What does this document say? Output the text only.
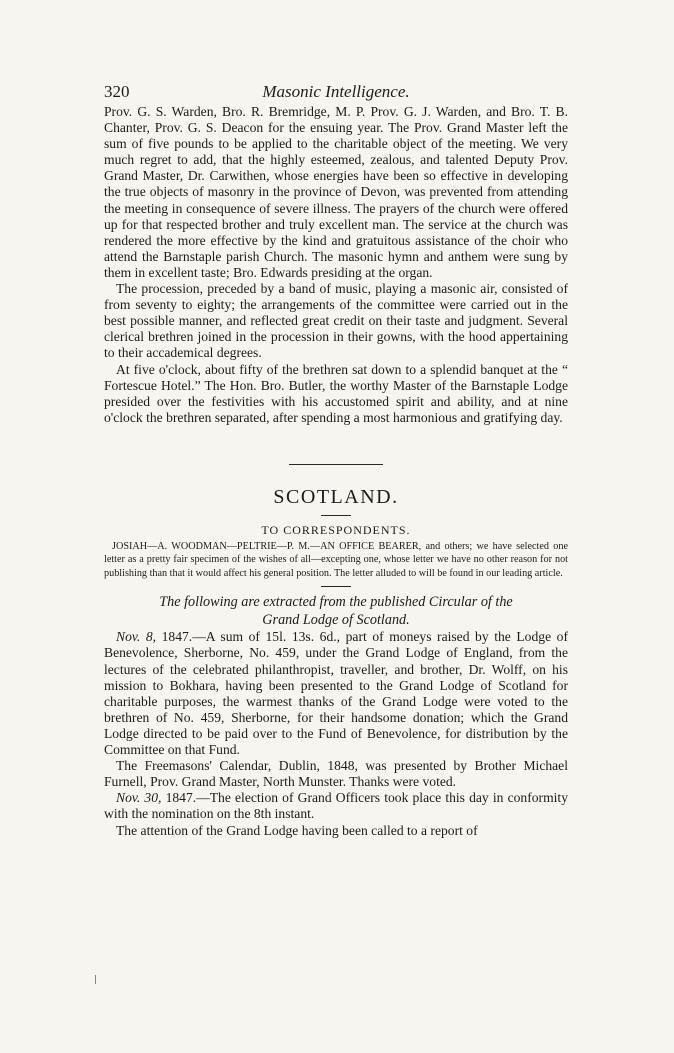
320	Masonic Intelligence.

Prov. G. S. Warden, Bro. R. Bremridge, M. P. Prov. G. J. Warden, and Bro. T. B. Chanter, Prov. G. S. Deacon for the ensuing year. The Prov. Grand Master left the sum of five pounds to be applied to the charitable object of the meeting. We very much regret to add, that the highly esteemed, zealous, and talented Deputy Prov. Grand Master, Dr. Carwithen, whose energies have been so effective in developing the true objects of masonry in the province of Devon, was prevented from attending the meeting in consequence of severe illness. The prayers of the church were offered up for that respected brother and truly excellent man. The service at the church was rendered the more effective by the kind and gratuitous assistance of the choir who attend the Barnstaple parish Church. The masonic hymn and anthem were sung by them in excellent taste; Bro. Edwards presiding at the organ.

The procession, preceded by a band of music, playing a masonic air, consisted of from seventy to eighty; the arrangements of the committee were carried out in the best possible manner, and reflected great credit on their taste and judgment. Several clerical brethren joined in the procession in their gowns, with the hood appertaining to their accademical degrees.

At five o'clock, about fifty of the brethren sat down to a splendid banquet at the “ Fortescue Hotel.” The Hon. Bro. Butler, the worthy Master of the Barnstaple Lodge presided over the festivities with his accustomed spirit and ability, and at nine o'clock the brethren separated, after spending a most harmonious and gratifying day.

SCOTLAND.
TO CORRESPONDENTS.

JOSIAH—A. WOODMAN—PELTRIE—P. M.—AN OFFICE BEARER, and others; we have selected one letter as a pretty fair specimen of the wishes of all—excepting one, whose letter we have no other reason for not publishing than that it would affect his general position. The letter alluded to will be found in our leading article.

The following are extracted from the published Circular of the
Grand Lodge of Scotland.

Nov. 8, 1847.—A sum of 15l. 13s. 6d., part of moneys raised by the Lodge of Benevolence, Sherborne, No. 459, under the Grand Lodge of England, from the lectures of the celebrated philanthropist, traveller, and brother, Dr. Wolff, on his mission to Bokhara, having been presented to the Grand Lodge of Scotland for charitable purposes, the warmest thanks of the Grand Lodge were voted to the brethren of No. 459, Sherborne, for their handsome donation; which the Grand Lodge directed to be paid over to the Fund of Benevolence, for distribution by the Committee on that Fund.

The Freemasons' Calendar, Dublin, 1848, was presented by Brother Michael Furnell, Prov. Grand Master, North Munster. Thanks were voted.

Nov. 30, 1847.—The election of Grand Officers took place this day in conformity with the nomination on the 8th instant.

The attention of the Grand Lodge having been called to a report of
